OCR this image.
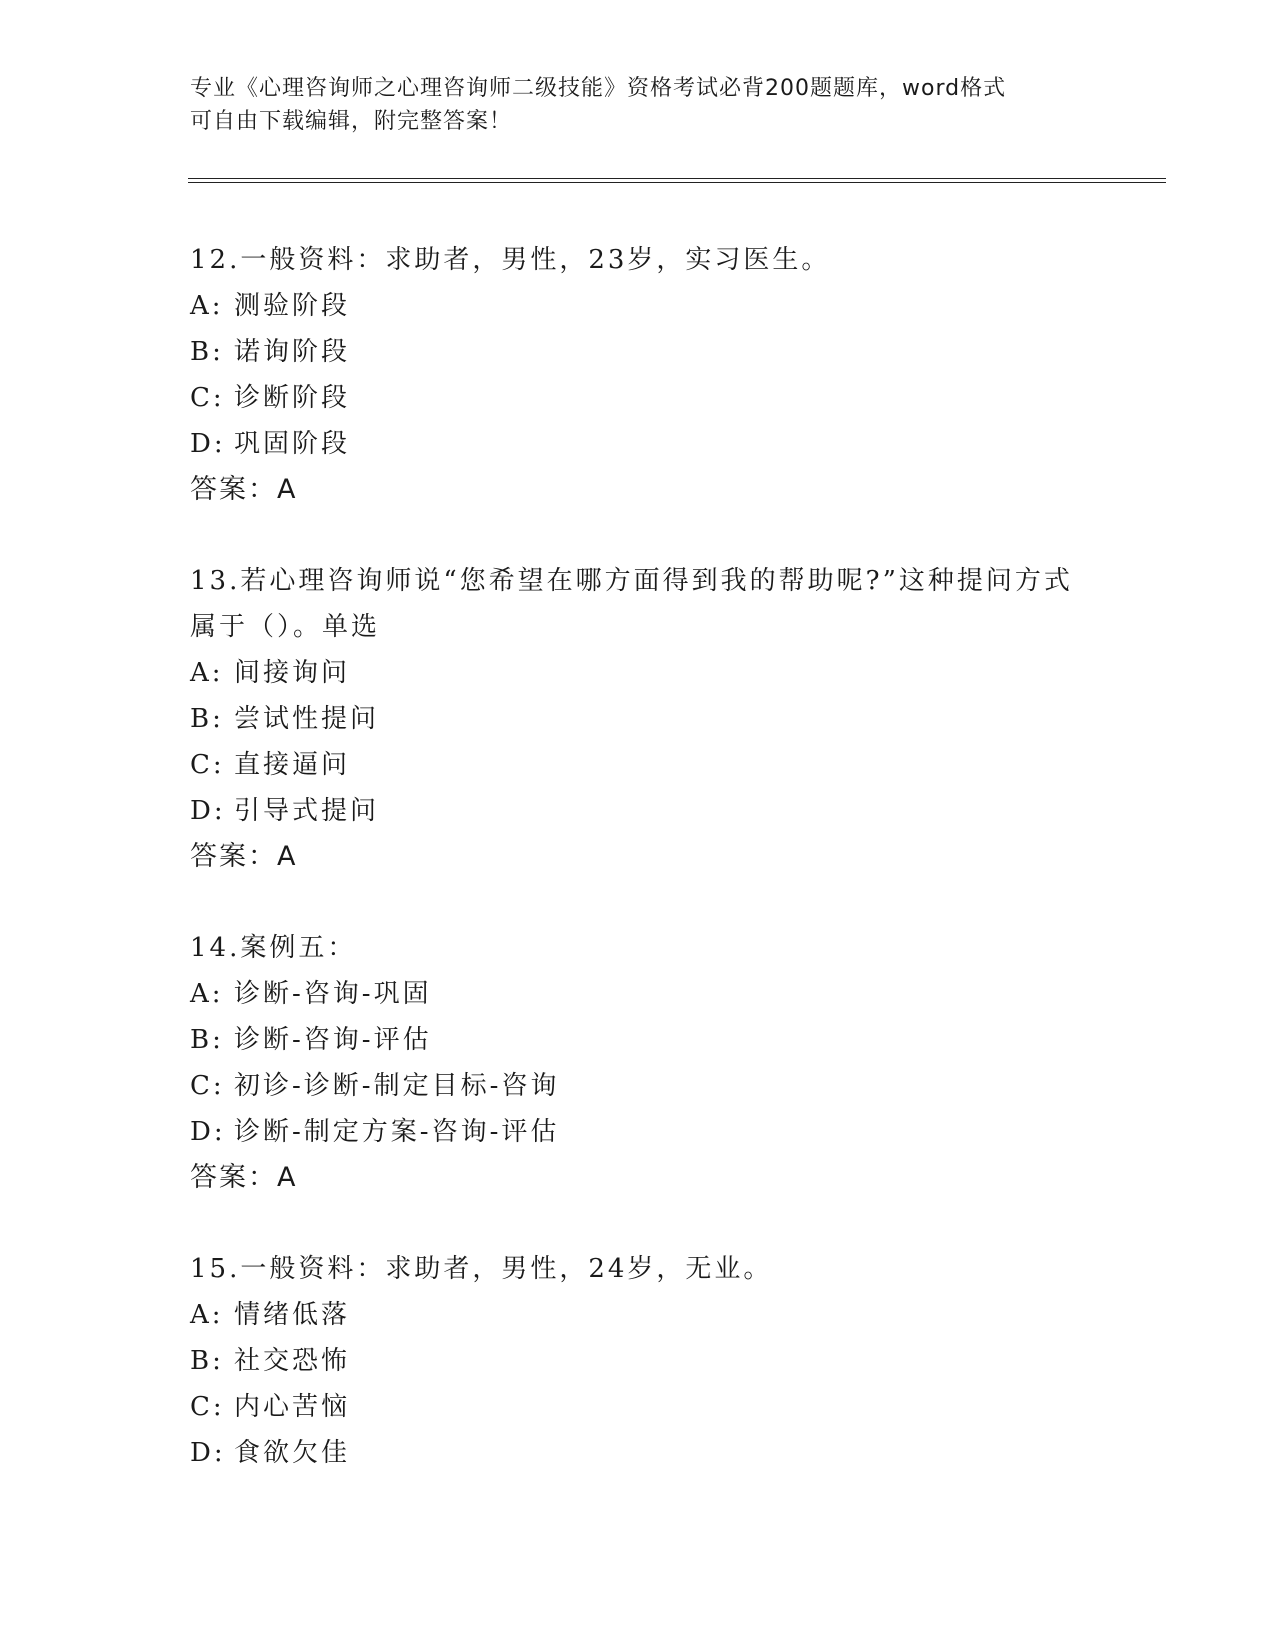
专业《心理咨询师之心理咨询师二级技能》资格考试必背200题题库，word格式
可自由下载编辑，附完整答案！
12.一般资料：求助者，男性，23岁，实习医生。
A: 测验阶段
B: 诺询阶段
C: 诊断阶段
D: 巩固阶段
答案：A
13.若心理咨询师说“您希望在哪方面得到我的帮助呢?”这种提问方式属于（）。单选
A: 间接询问
B: 尝试性提问
C: 直接逼问
D: 引导式提问
答案：A
14.案例五：
A: 诊断-咨询-巩固
B: 诊断-咨询-评估
C: 初诊-诊断-制定目标-咨询
D: 诊断-制定方案-咨询-评估
答案：A
15.一般资料：求助者，男性，24岁，无业。
A: 情绪低落
B: 社交恐怖
C: 内心苦恼
D: 食欲欠佳
